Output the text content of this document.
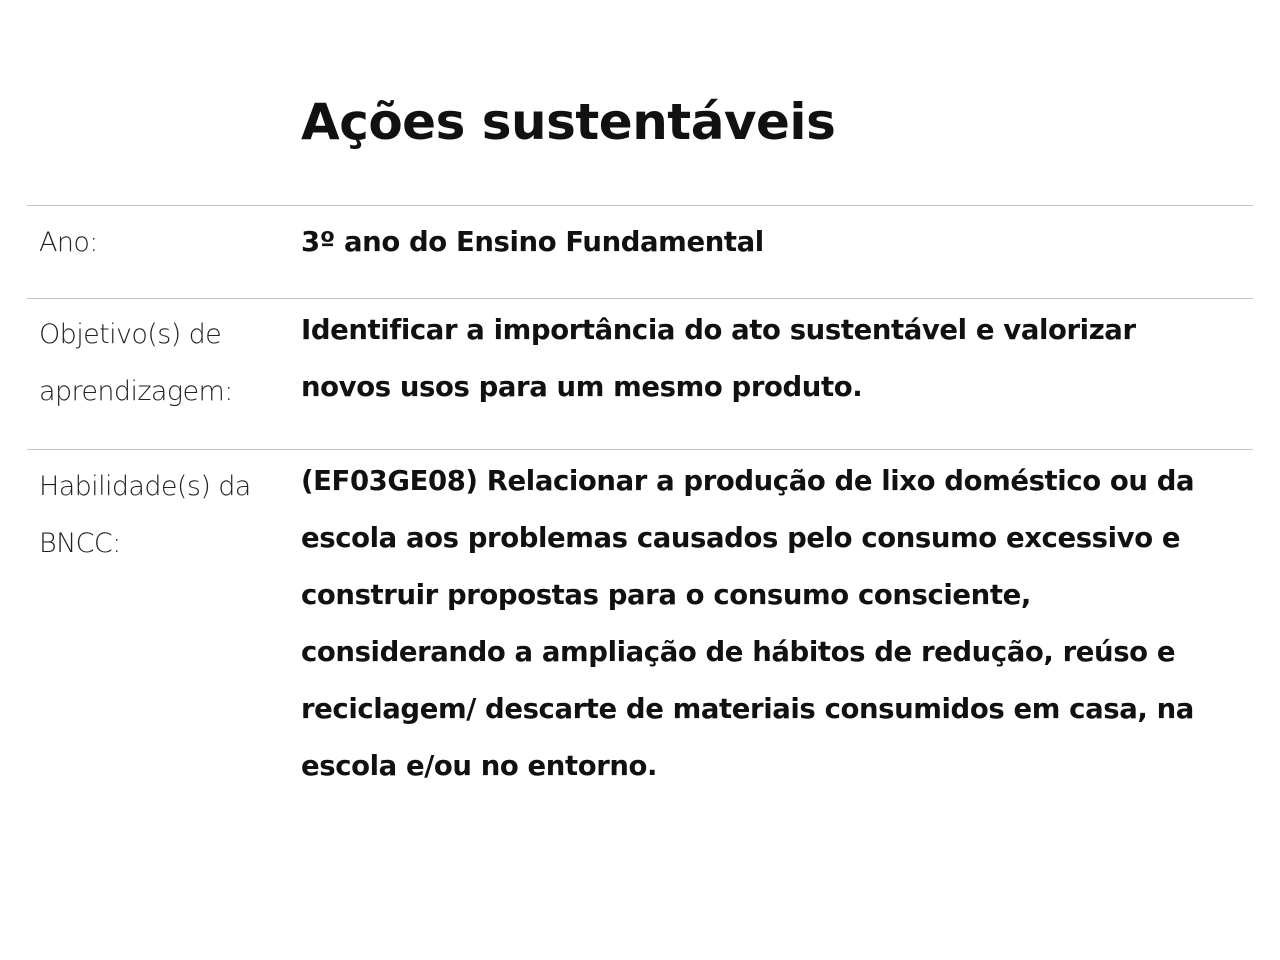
Ações sustentáveis
Ano:	3º ano do Ensino Fundamental
Objetivo(s) de
aprendizagem:
Identificar a importância do ato sustentável e valorizar
novos usos para um mesmo produto.
Habilidade(s) da
BNCC:
(EF03GE08) Relacionar a produção de lixo doméstico ou da
escola aos problemas causados pelo consumo excessivo e
construir propostas para o consumo consciente,
considerando a ampliação de hábitos de redução, reúso e
reciclagem/ descarte de materiais consumidos em casa, na
escola e/ou no entorno.
